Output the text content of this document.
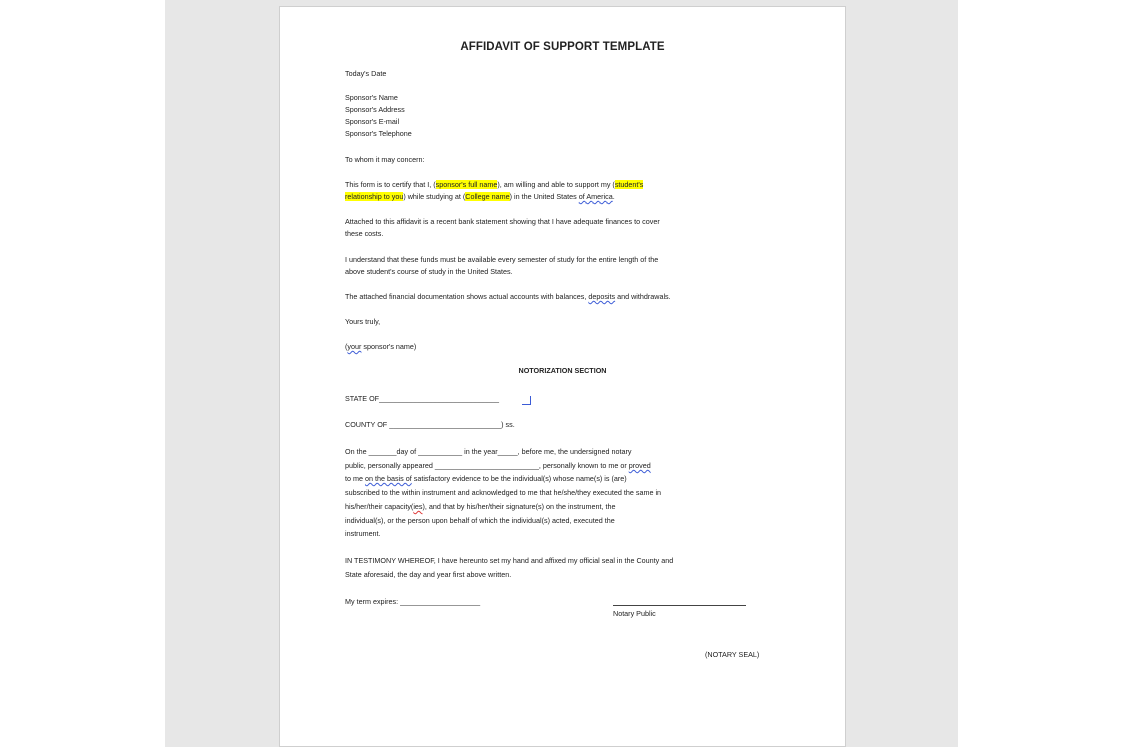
AFFIDAVIT OF SUPPORT TEMPLATE
Today's Date
Sponsor's Name
Sponsor's Address
Sponsor's E-mail
Sponsor's Telephone
To whom it may concern:
This form is to certify that I, (sponsor's full name), am willing and able to support my (student's
relationship to you) while studying at (College name) in the United States of America.
Attached to this affidavit is a recent bank statement showing that I have adequate finances to cover
these costs.
I understand that these funds must be available every semester of study for the entire length of the
above student's course of study in the United States.
The attached financial documentation shows actual accounts with balances, deposits and withdrawals.
Yours truly,
(your sponsor's name)
NOTORIZATION SECTION
STATE OF______________________________
COUNTY OF ____________________________) ss.
On the _______day of ___________ in the year_____, before me, the undersigned notary
public, personally appeared __________________________, personally known to me or proved
to me on the basis of satisfactory evidence to be the individual(s) whose name(s) is (are)
subscribed to the within instrument and acknowledged to me that he/she/they executed the same in
his/her/their capacity(ies), and that by his/her/their signature(s) on the instrument, the
individual(s), or the person upon behalf of which the individual(s) acted, executed the
instrument.
IN TESTIMONY WHEREOF, I have hereunto set my hand and affixed my official seal in the County and
State aforesaid, the day and year first above written.
My term expires: ____________________
Notary Public
(NOTARY SEAL)
